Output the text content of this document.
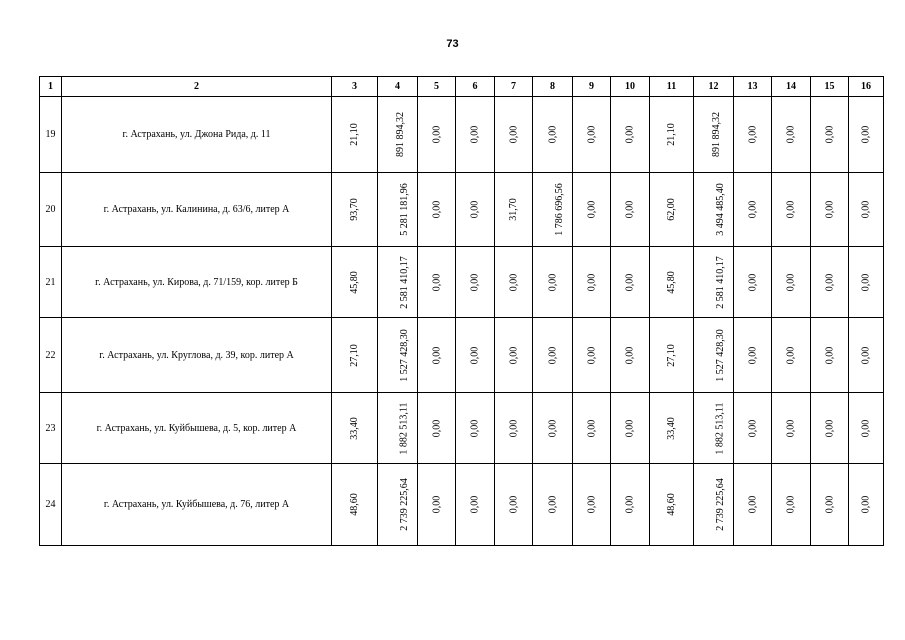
73
1	2	3	4	5	6	7	8	9	10	11	12	13	14	15	16
19	г. Астрахань, ул. Джона Рида, д. 11	21,10	891 894,32	0,00	0,00	0,00	0,00	0,00	0,00	21,10	891 894,32	0,00	0,00	0,00	0,00
20	г. Астрахань, ул. Калинина, д. 63/6, литер А	93,70	5 281 181,96	0,00	0,00	31,70	1 786 696,56	0,00	0,00	62,00	3 494 485,40	0,00	0,00	0,00	0,00
21	г. Астрахань, ул. Кирова, д. 71/159, кор. литер Б	45,80	2 581 410,17	0,00	0,00	0,00	0,00	0,00	0,00	45,80	2 581 410,17	0,00	0,00	0,00	0,00
22	г. Астрахань, ул. Круглова, д. 39, кор. литер А	27,10	1 527 428,30	0,00	0,00	0,00	0,00	0,00	0,00	27,10	1 527 428,30	0,00	0,00	0,00	0,00
23	г. Астрахань, ул. Куйбышева, д. 5, кор. литер А	33,40	1 882 513,11	0,00	0,00	0,00	0,00	0,00	0,00	33,40	1 882 513,11	0,00	0,00	0,00	0,00
24	г. Астрахань, ул. Куйбышева, д. 76, литер А	48,60	2 739 225,64	0,00	0,00	0,00	0,00	0,00	0,00	48,60	2 739 225,64	0,00	0,00	0,00	0,00
